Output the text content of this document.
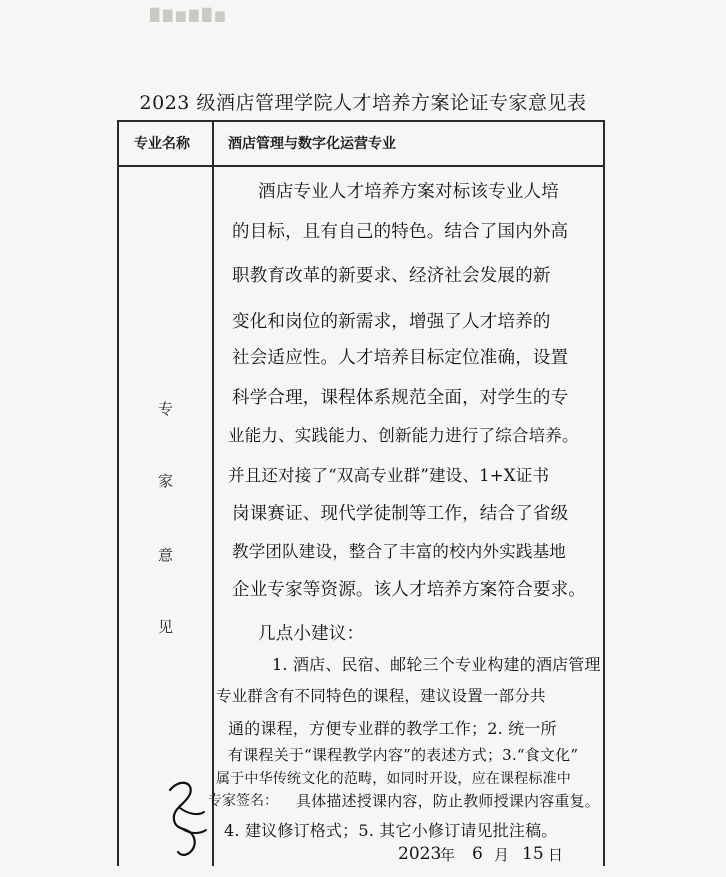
█ ▇ ▆ ▇ █ ▆
2023 级酒店管理学院人才培养方案论证专家意见表
专业名称	酒店管理与数字化运营专业
专
家
意
见
酒店专业人才培养方案对标该专业人培
的目标，且有自己的特色。结合了国内外高
职教育改革的新要求、经济社会发展的新
变化和岗位的新需求，增强了人才培养的
社会适应性。人才培养目标定位准确，设置
科学合理，课程体系规范全面，对学生的专
业能力、实践能力、创新能力进行了综合培养。
并且还对接了“双高专业群”建设、1+X证书
岗课赛证、现代学徒制等工作，结合了省级
教学团队建设，整合了丰富的校内外实践基地
企业专家等资源。该人才培养方案符合要求。
几点小建议：
1. 酒店、民宿、邮轮三个专业构建的酒店管理
专业群含有不同特色的课程，建议设置一部分共
通的课程，方便专业群的教学工作；2. 统一所
有课程关于“课程教学内容”的表述方式；3.“食文化”
属于中华传统文化的范畴，如同时开设，应在课程标准中
具体描述授课内容，防止教师授课内容重复。
4. 建议修订格式；5. 其它小修订请见批注稿。
专家签名：
2023
年 6 月 15 日
